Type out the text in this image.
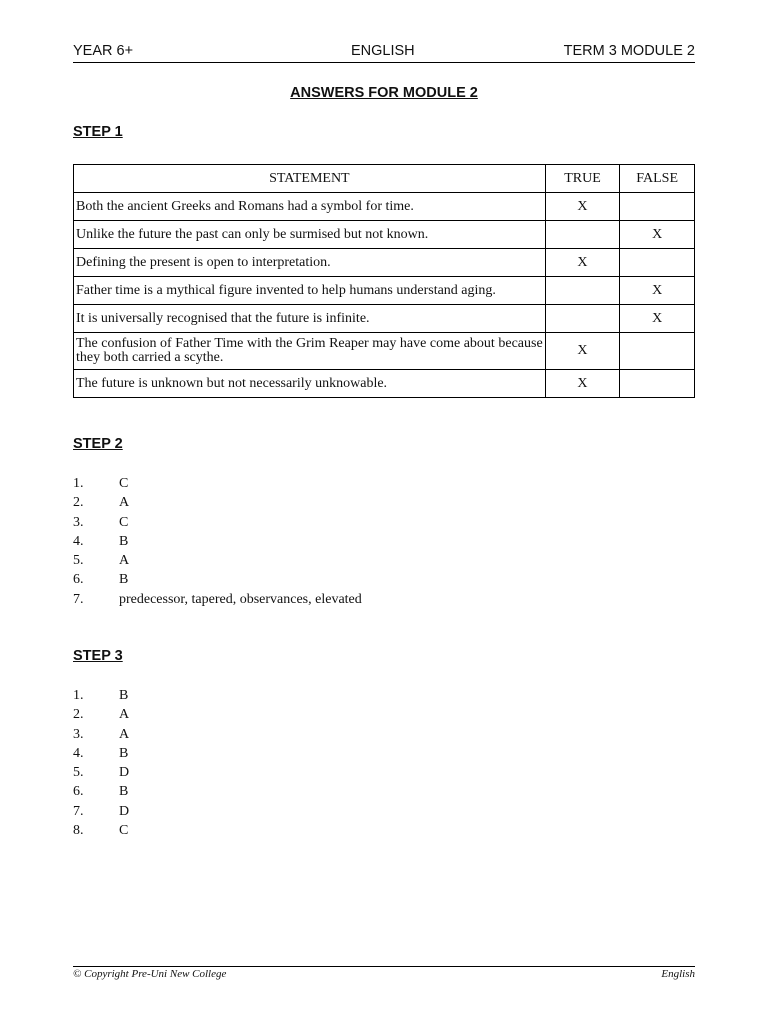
YEAR 6+	ENGLISH	TERM 3 MODULE 2
ANSWERS FOR MODULE 2
STEP 1
STATEMENT	TRUE	FALSE
Both the ancient Greeks and Romans had a symbol for time.	X	
Unlike the future the past can only be surmised but not known.		X
Defining the present is open to interpretation.	X	
Father time is a mythical figure invented to help humans understand aging.		X
It is universally recognised that the future is infinite.		X
The confusion of Father Time with the Grim Reaper may have come about because they both carried a scythe.	X	
The future is unknown but not necessarily unknowable.	X	
STEP 2
1.	C
2.	A
3.	C
4.	B
5.	A
6.	B
7.	predecessor, tapered, observances, elevated
STEP 3
1.	B
2.	A
3.	A
4.	B
5.	D
6.	B
7.	D
8.	C
© Copyright Pre-Uni New College	English
